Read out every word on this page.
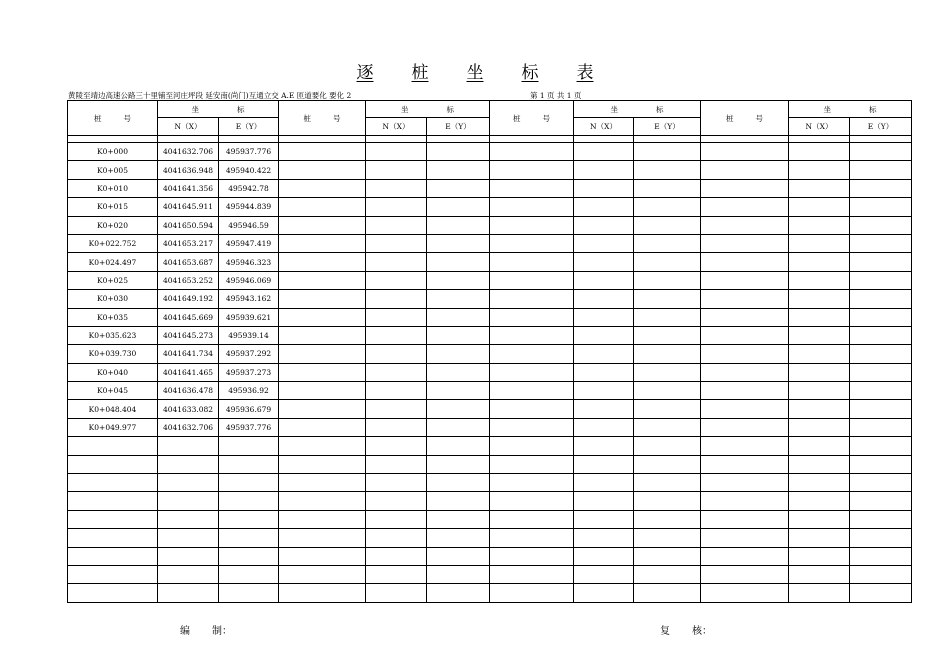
逐 桩 坐 标 表
黄陵至靖边高速公路三十里铺至河庄坪段 延安南(尚门)互通立交 A.E 匝道要化 要化 2	第 1 页 共 1 页
桩 号	坐 标		桩 号	坐 标		桩 号	坐 标		桩 号	坐 标	
	N（X）	E（Y）		N（X）	E（Y）		N（X）	E（Y）		N（X）	E（Y）

K0+000	4041632.706	495937.776									
K0+005	4041636.948	495940.422									
K0+010	4041641.356	495942.78									
K0+015	4041645.911	495944.839									
K0+020	4041650.594	495946.59									
K0+022.752	4041653.217	495947.419									
K0+024.497	4041653.687	495946.323									
K0+025	4041653.252	495946.069									
K0+030	4041649.192	495943.162									
K0+035	4041645.669	495939.621									
K0+035.623	4041645.273	495939.14									
K0+039.730	4041641.734	495937.292									
K0+040	4041641.465	495937.273									
K0+045	4041636.478	495936.92									
K0+048.404	4041633.082	495936.679									
K0+049.977	4041632.706	495937.776									

编 制：	复 核：
